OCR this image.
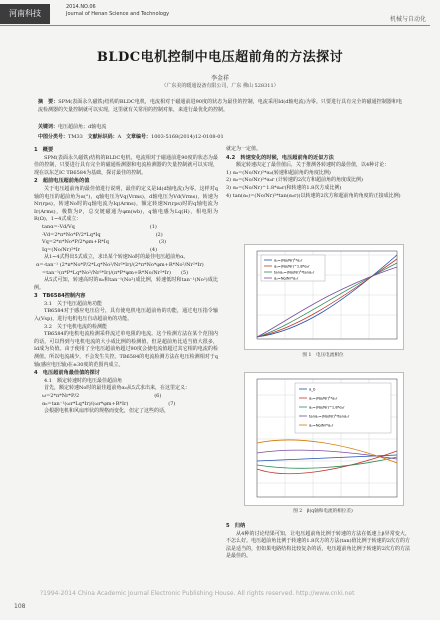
河南科技
2014.NO.06
Journal of Henan Science and Technology
机械与自动化
BLDC电机控制中电压超前角的方法探讨
李金祥
（广东美的暖通设备有限公司，广东 佛山 528311）
摘　要：SPM(表面永久磁铁)结构的BLDC电机，电流相对于磁通前进90度的状态为最佳的控制，电流采用Id(d轴电流)为零。只要进行具有完全的磁通控制器和电流检测器的矢量控制就可以实现，这里就有关常用的控制对象，来进行最优化的控制。
关键词：电压超前角；d轴电流
中图分类号：TM33 文献标识码：A 文章编号：1003-5168(2014)12-0108-01

1　概要

SPM(表面永久磁铁)结构的BLDC电机，电流相对于磁通前进90度的状态为最佳的控制，只要进行具有完全的磁通检测器和电流检测器的矢量控制就可以实现，现在以东芝IC TB6584为基础，探讨最佳的控制。

2　超前电压超前角的值

关于电压超前角的最佳值进行说明，最佳的定义是Id(d轴电流)为零。这样对q轴的电压的超前角为α(°)，q轴电压为Vq(Vrms)，d轴电压为Vd(Vrms)，转速为Nr(rps)，转速No时的q轴电流为Iq(Arms)，额定转速Nr(rps)时的q轴电流为Ir(Arms)，极数为P，总交链磁通为φm(wb)，q轴电感为Lq(H)，相电阻为R(Ω)，1~4式成立：

tanα=-Vd/Vq　　　　　　　　　　　　　　　(1)

-Vd=2*π*No*P/2*Lq*Iq　　　　　　　　　　　(2)

Vq=2*π*No*P/2*φm+R*Iq　　　　　　　　　　(3)

Iq=(No/Nr)²*Ir　　　　　　　　　　　　　　(4)

从1~4式得出5式成立，求出某个转速No时的最佳电压超前角α。

α=-tan⁻¹ (2*π*No*P/2*Lq*No²/Nr²*Ir)/(2*π*No*φm+R*No²/Nr²*Ir)

=tan⁻¹(π*P*Lq*No²/Nr²*Ir)/(π*P*φm+R*No/Nr²*Ir)　　(5)

从5式可知，转速高时的α₀和tan⁻¹(No²)成比例，转速低时和tan⁻¹(No²)成比例。

3　TB6584控制内容

3.1　关于电压超前角功能

TB6584对于感应电压信号，具有使电机电压超前角的功能，通过电压指令输入(Vsp)，进行电机电压自动超前角的功能。

3.2　关于电机电流的检测能

TB6584的电机电流检测采样流过单电阻的电流。这个检测方法在某个范围内的话，可以得到与电机电流的大小成比例的检测值，但是超前角比适当值大很多，Id成为负值。由于使用了全电压超前角超过90度会使电流值超过其它相的电流的检测值。所以电流减少，不会发生失控。TB6584的电流检测方法在电压检测相对于q轴(感应电压轴)在±30度的范围内成立。

4　电压超前角最佳值的探讨

4.1　额定转速时的电压最佳超前角

首先，额定转速No时的最佳超前角α₀从5式求出来，在这里定义：

ω=2*π*Nr*P/2　　　　　　　　　　　　　　　(6)

α₀=tan⁻¹(ωr*Lq*Ir)/(ωr*φm+R*Ir)　　　　　　　　(7)

会根据电机和风扇形状的规格而变化，但定了这些的话，

就定为一定值。

4.2　转速变化的时候，电压超前角的近似方法

额定转速决定了最佳值后，关于推测各转速时的最佳值，以4种讨论：

1) α₀=(No/Nr)²*α₀(转速和超前角的角度比例)

2) α₀=(No/Nr)²*α₀r (计转速的2次方和超前角的角度成比例)

3) α₀=(No/Nr)^1.8*α₀r(和转速的1.8次方成比例)

4) tan(α₀)=(No/Nr)²*tan(α₀r)(以转速的2次方和超前角的角度的正接成比例)

α₀=(No/Nr)²*α₀r
α₀=(No/Nr)^1.8*α₀r
tanα₀=(No/Nr)²*tanα₀r
α₀=No/Nr*α₀r
图 1　电压电流相位
α_b
α₀=(No/Nr)²*α₀r
α₀=(No/Nr)^1.8*α₀r
tanα₀=(No/Nr)²*tanα₀r
α₀=No/Nr*α₀r
图 2　β(q轴和电流的相位差)

5　归纳

从4种的讨论结果可知，让电压超前角比例于转速的方法在低速上β异常变大，不怎么好。电压超前角比例于转速的1.8次方的方法(tan)值比例于转速的2次方的方法是适当的，但如果电路结构比较复杂的话，电压超前角比例于转速的2次方的方法是最佳的。

?1994-2014 China Academic Journal Electronic Publishing House. All rights reserved. http://www.cnki.net
108
